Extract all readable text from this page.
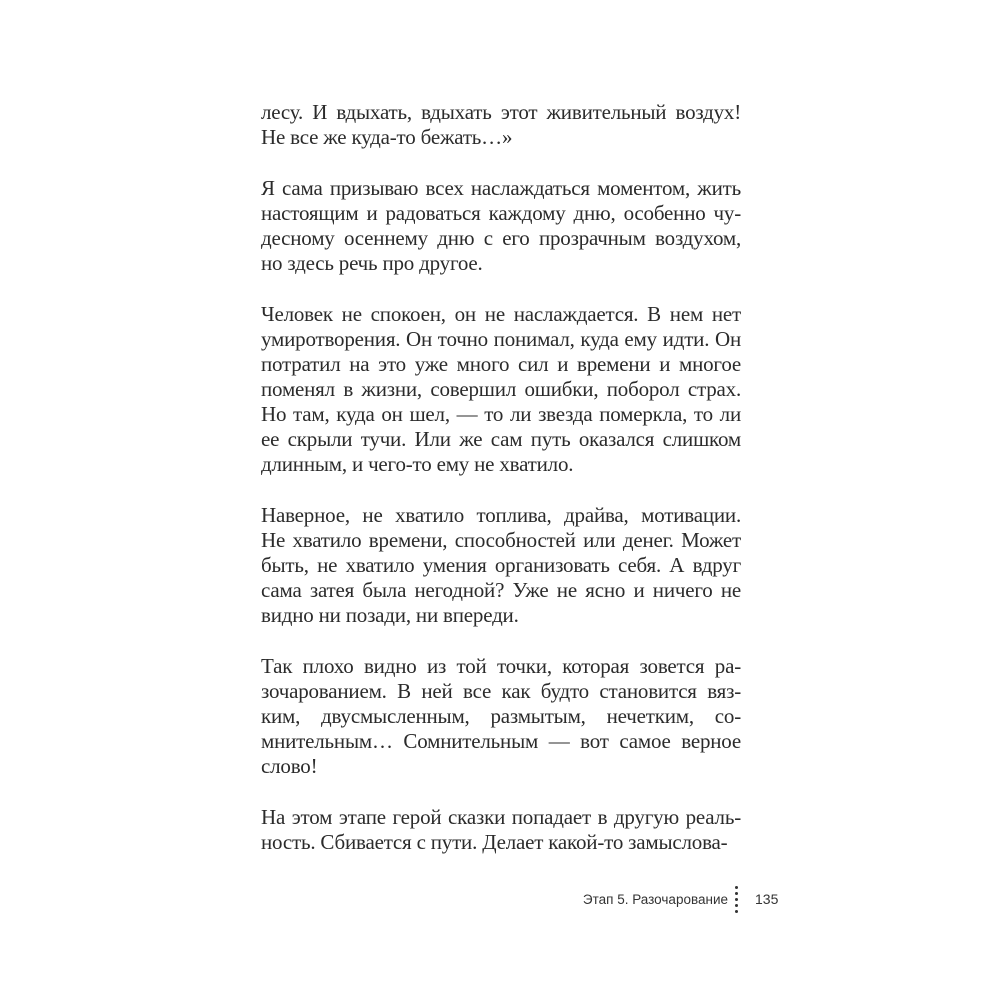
лесу. И вдыхать, вдыхать этот живительный воздух!
Не все же куда-то бежать…»
Я сама призываю всех наслаждаться моментом, жить
настоящим и радоваться каждому дню, особенно чу-
десному осеннему дню с его прозрачным воздухом,
но здесь речь про другое.
Человек не спокоен, он не наслаждается. В нем нет
умиротворения. Он точно понимал, куда ему идти. Он
потратил на это уже много сил и времени и многое
поменял в жизни, совершил ошибки, поборол страх.
Но там, куда он шел, — то ли звезда померкла, то ли
ее скрыли тучи. Или же сам путь оказался слишком
длинным, и чего-то ему не хватило.
Наверное, не хватило топлива, драйва, мотивации.
Не хватило времени, способностей или денег. Может
быть, не хватило умения организовать себя. А вдруг
сама затея была негодной? Уже не ясно и ничего не
видно ни позади, ни впереди.
Так плохо видно из той точки, которая зовется ра-
зочарованием. В ней все как будто становится вяз-
ким, двусмысленным, размытым, нечетким, со-
мнительным… Сомнительным — вот самое верное
слово!
На этом этапе герой сказки попадает в другую реаль-
ность. Сбивается с пути. Делает какой-то замыслова-
Этап 5. Разочарование 135
